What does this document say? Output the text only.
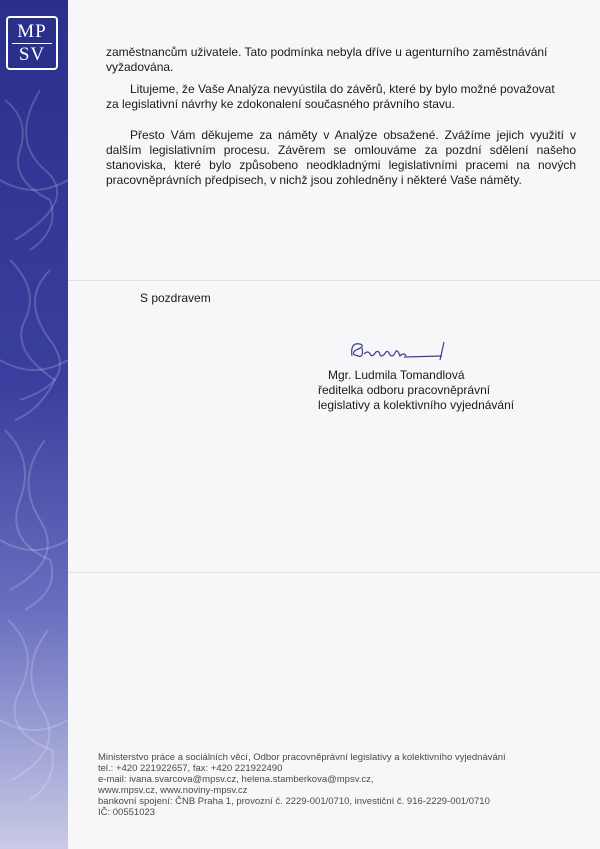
MP
SV	zaměstnancům uživatele. Tato podmínka nebyla dříve u agenturního zaměstnávání
vyžadována.

Litujeme, že Vaše Analýza nevyústila do závěrů, které by bylo možné považovat
za legislativní návrhy ke zdokonalení současného právního stavu.

Přesto Vám děkujeme za náměty v Analýze obsažené. Zvážíme jejich využití v dalším legislativním procesu. Závěrem se omlouváme za pozdní sdělení našeho stanoviska, které bylo způsobeno neodkladnými legislativními pracemi na nových pracovněprávních předpisech, v nichž jsou zohledněny i některé Vaše náměty.

S pozdravem
Mgr. Ludmila Tomandlová
ředitelka odboru pracovněprávní
legislativy a kolektivního vyjednávání
Ministerstvo práce a sociálních věcí, Odbor pracovněprávní legislativy a kolektivního vyjednávání
tel.: +420 221922657, fax: +420 221922490
e-mail: ivana.svarcova@mpsv.cz, helena.stamberkova@mpsv.cz,
www.mpsv.cz, www.noviny-mpsv.cz
bankovní spojení: ČNB Praha 1, provozní č. 2229-001/0710, investiční č. 916-2229-001/0710
IČ: 00551023
